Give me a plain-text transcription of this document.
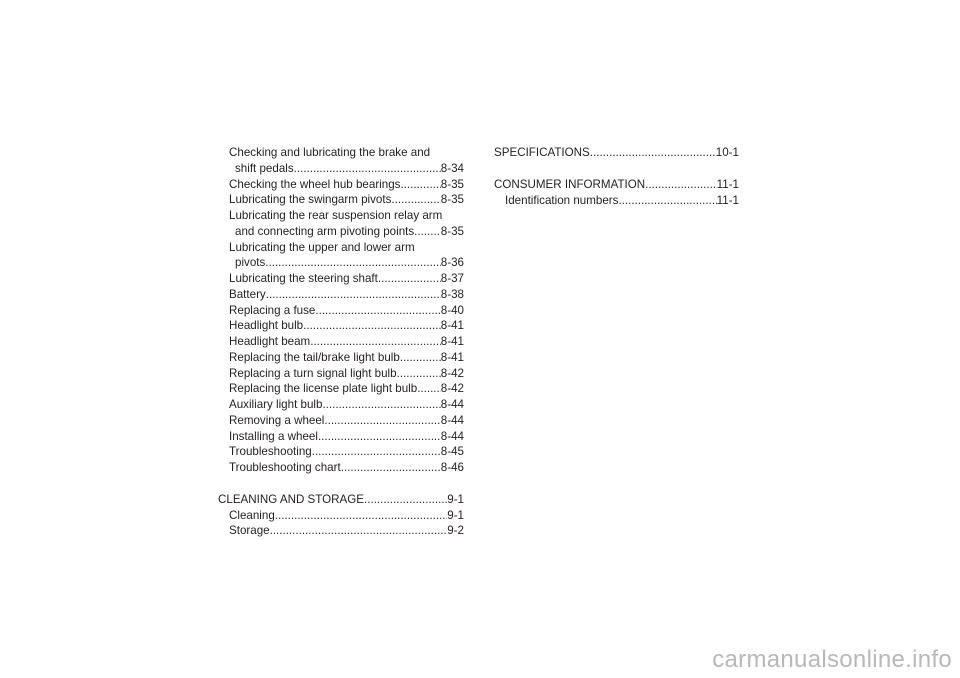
Checking and lubricating the brake and
shift pedals .....	8-34
Checking the wheel hub bearings .....	8-35
Lubricating the swingarm pivots .....	8-35
Lubricating the rear suspension relay arm
and connecting arm pivoting points ..... 8-35
Lubricating the upper and lower arm
pivots .....	8-36
Lubricating the steering shaft .....	8-37
Battery .....	8-38
Replacing a fuse .....	8-40
Headlight bulb .....	8-41
Headlight beam .....	8-41
Replacing the tail/brake light bulb .....	8-41
Replacing a turn signal light bulb .....	8-42
Replacing the license plate light bulb ..... 8-42
Auxiliary light bulb .....	8-44
Removing a wheel .....	8-44
Installing a wheel .....	8-44
Troubleshooting .....	8-45
Troubleshooting chart .....	8-46
CLEANING AND STORAGE .....	9-1
Cleaning .....	9-1
Storage .....	9-2
SPECIFICATIONS .....	10-1
CONSUMER INFORMATION .....	11-1
Identification numbers .....	11-1
carmanualsonline.info
